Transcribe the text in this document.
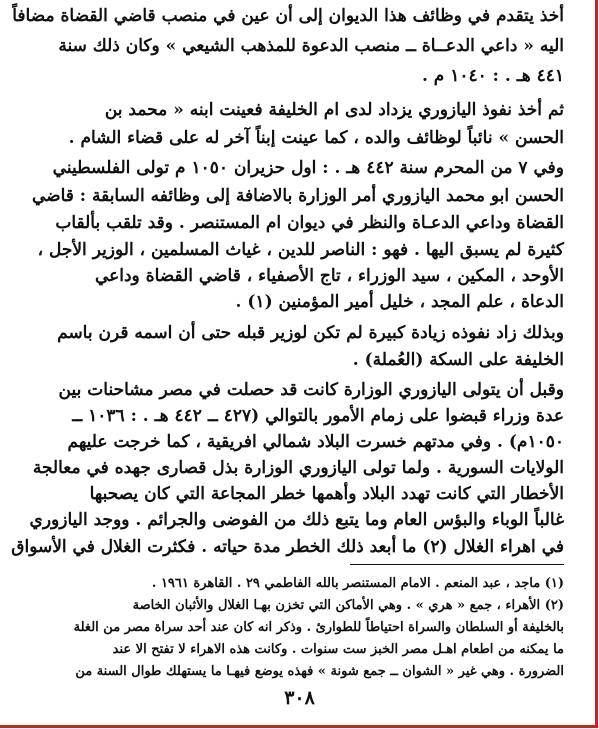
أخذ يتقدم في وظائف هذا الديوان إلى أن عين في منصب قاضي القضاة مضافاً
اليه « داعي الدعــاة ــ منصب الدعوة للمذهب الشيعي » وكان ذلك سنة
٤٤١ هـ . : ١٠٤٠ م .
ثم أخذ نفوذ اليازوري يزداد لدى ام الخليفة فعينت ابنه « محمد بن
الحسن » نائباً لوظائف والده ، كما عينت إبناً آخر له على قضاء الشام .
وفي ٧ من المحرم سنة ٤٤٢ هـ . : اول حزيران ١٠٥٠ م تولى الفلسطيني
الحسن ابو محمد اليازوري أمر الوزارة بالاضافة إلى وظائفه السابقة : قاضي
القضاة وداعي الدعـاة والنظر في ديوان ام المستنصر . وقد تلقب بألقاب
كثيرة لم يسبق اليها . فهو : الناصر للدين ، غياث المسلمين ، الوزير الأجل ،
الأوحد ، المكين ، سيد الوزراء ، تاج الأصفياء ، قاضي القضاة وداعي
الدعاة ، علم المجد ، خليل أمير المؤمنين (١) .
وبذلك زاد نفوذه زيادة كبيرة لم تكن لوزير قبله حتى أن اسمه قرن باسم
الخليفة على السكة (العُملة) .
وقبل أن يتولى اليازوري الوزارة كانت قد حصلت في مصر مشاحنات بين
عدة وزراء قبضوا على زمام الأمور بالتوالي (٤٢٧ ــ ٤٤٢ هـ . : ١٠٣٦ ــ
١٠٥٠م) . وفي مدتهم خسرت البلاد شمالي افريقية ، كما خرجت عليهم
الولايات السورية . ولما تولى اليازوري الوزارة بذل قصارى جهده في معالجة
الأخطار التي كانت تهدد البلاد وأهمها خطر المجاعة التي كان يصحبها
غالباً الوباء والبؤس العام وما يتبع ذلك من الفوضى والجرائم . ووجد اليازوري
في اهراء الغلال (٢) ما أبعد ذلك الخطر مدة حياته . فكثرت الغلال في الأسواق
(١) ماجد ، عبد المنعم . الامام المستنصر بالله الفاطمي ٢٩ . القاهرة ١٩٦١ .
(٢) الأهراء ، جمع « هري » . وهي الأماكن التي تخزن بهـا الغلال والأثبان الخاصة
بالخليفة أو السلطان والسراة احتياطاً للطوارئ . وذكر انه كان عند أحد سراة مصر من الغلة
ما يمكنه من اطعام اهـل مصر الخبز ست سنوات . وكانت هذه الاهراء لا تفتح الا عند
الضرورة . وهي غير « الشوان ــ جمع شونة » فهذه يوضع فيهـا ما يستهلك طوال السنة من
٣٠٨
